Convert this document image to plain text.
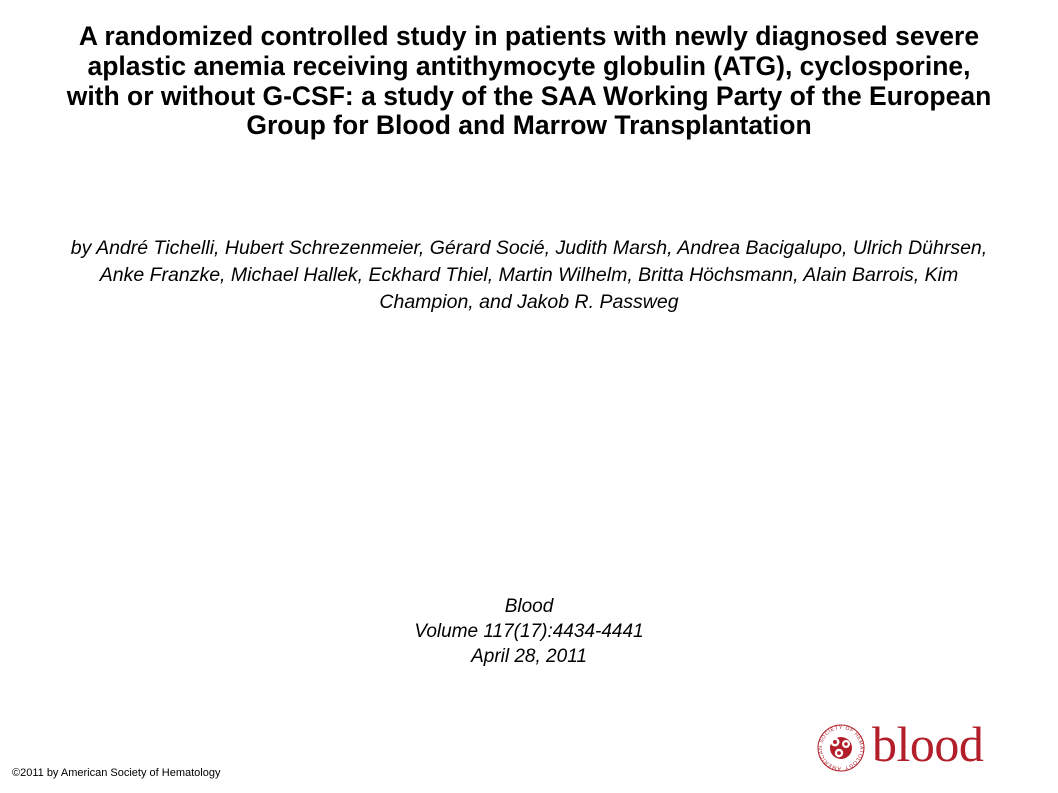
A randomized controlled study in patients with newly diagnosed severe aplastic anemia receiving antithymocyte globulin (ATG), cyclosporine, with or without G-CSF: a study of the SAA Working Party of the European Group for Blood and Marrow Transplantation

by André Tichelli, Hubert Schrezenmeier, Gérard Socié, Judith Marsh, Andrea Bacigalupo, Ulrich Dührsen, Anke Franzke, Michael Hallek, Eckhard Thiel, Martin Wilhelm, Britta Höchsmann, Alain Barrois, Kim Champion, and Jakob R. Passweg

Blood
Volume 117(17):4434-4441
April 28, 2011
©2011 by American Society of Hematology	AMERICAN SOCIETY OF HEMATOLOGY blood
